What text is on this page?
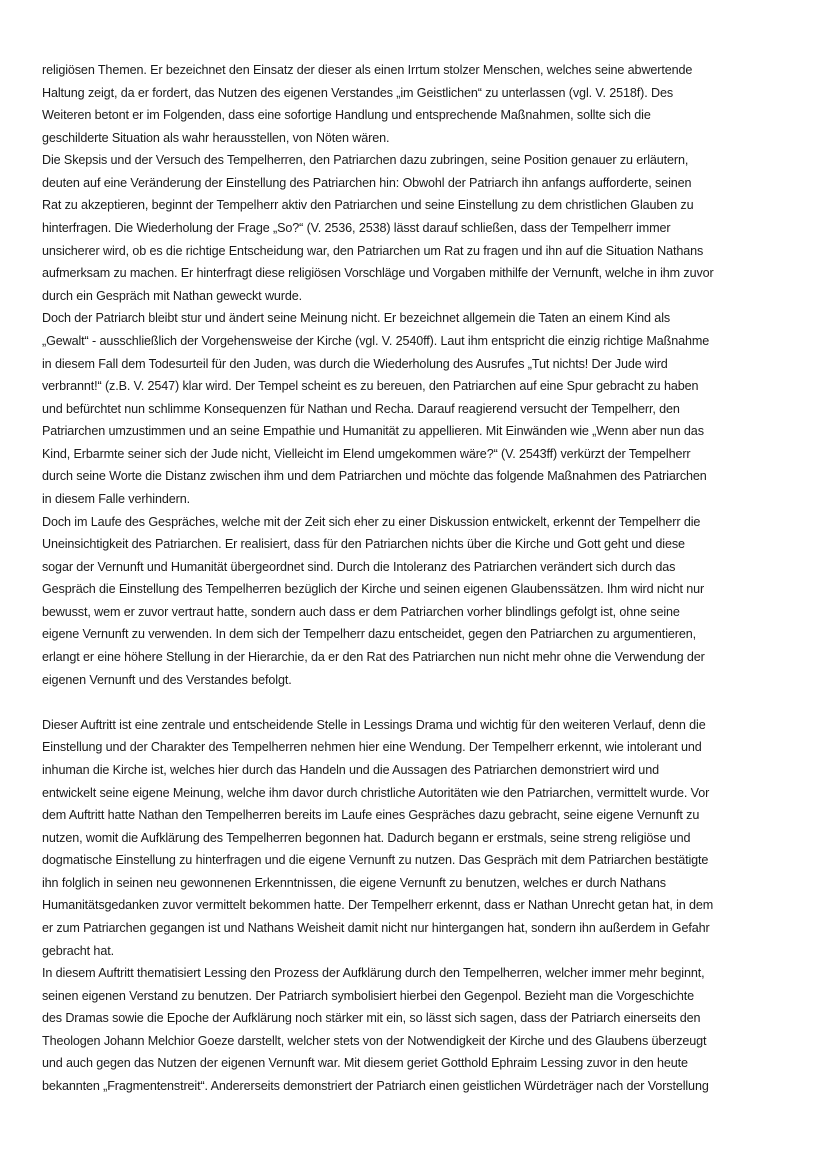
religiösen Themen. Er bezeichnet den Einsatz der dieser als einen Irrtum stolzer Menschen, welches seine abwertende
Haltung zeigt, da er fordert, das Nutzen des eigenen Verstandes „im Geistlichen“ zu unterlassen (vgl. V. 2518f). Des
Weiteren betont er im Folgenden, dass eine sofortige Handlung und entsprechende Maßnahmen, sollte sich die
geschilderte Situation als wahr herausstellen, von Nöten wären.
Die Skepsis und der Versuch des Tempelherren, den Patriarchen dazu zubringen, seine Position genauer zu erläutern,
deuten auf eine Veränderung der Einstellung des Patriarchen hin: Obwohl der Patriarch ihn anfangs aufforderte, seinen
Rat zu akzeptieren, beginnt der Tempelherr aktiv den Patriarchen und seine Einstellung zu dem christlichen Glauben zu
hinterfragen. Die Wiederholung der Frage „So?“ (V. 2536, 2538) lässt darauf schließen, dass der Tempelherr immer
unsicherer wird, ob es die richtige Entscheidung war, den Patriarchen um Rat zu fragen und ihn auf die Situation Nathans
aufmerksam zu machen. Er hinterfragt diese religiösen Vorschläge und Vorgaben mithilfe der Vernunft, welche in ihm zuvor
durch ein Gespräch mit Nathan geweckt wurde.
Doch der Patriarch bleibt stur und ändert seine Meinung nicht. Er bezeichnet allgemein die Taten an einem Kind als
„Gewalt“ - ausschließlich der Vorgehensweise der Kirche (vgl. V. 2540ff). Laut ihm entspricht die einzig richtige Maßnahme
in diesem Fall dem Todesurteil für den Juden, was durch die Wiederholung des Ausrufes „Tut nichts! Der Jude wird
verbrannt!“ (z.B. V. 2547) klar wird. Der Tempel scheint es zu bereuen, den Patriarchen auf eine Spur gebracht zu haben
und befürchtet nun schlimme Konsequenzen für Nathan und Recha. Darauf reagierend versucht der Tempelherr, den
Patriarchen umzustimmen und an seine Empathie und Humanität zu appellieren. Mit Einwänden wie „Wenn aber nun das
Kind, Erbarmte seiner sich der Jude nicht, Vielleicht im Elend umgekommen wäre?“ (V. 2543ff) verkürzt der Tempelherr
durch seine Worte die Distanz zwischen ihm und dem Patriarchen und möchte das folgende Maßnahmen des Patriarchen
in diesem Falle verhindern.
Doch im Laufe des Gespräches, welche mit der Zeit sich eher zu einer Diskussion entwickelt, erkennt der Tempelherr die
Uneinsichtigkeit des Patriarchen. Er realisiert, dass für den Patriarchen nichts über die Kirche und Gott geht und diese
sogar der Vernunft und Humanität übergeordnet sind. Durch die Intoleranz des Patriarchen verändert sich durch das
Gespräch die Einstellung des Tempelherren bezüglich der Kirche und seinen eigenen Glaubenssätzen. Ihm wird nicht nur
bewusst, wem er zuvor vertraut hatte, sondern auch dass er dem Patriarchen vorher blindlings gefolgt ist, ohne seine
eigene Vernunft zu verwenden. In dem sich der Tempelherr dazu entscheidet, gegen den Patriarchen zu argumentieren,
erlangt er eine höhere Stellung in der Hierarchie, da er den Rat des Patriarchen nun nicht mehr ohne die Verwendung der
eigenen Vernunft und des Verstandes befolgt.
Dieser Auftritt ist eine zentrale und entscheidende Stelle in Lessings Drama und wichtig für den weiteren Verlauf, denn die
Einstellung und der Charakter des Tempelherren nehmen hier eine Wendung. Der Tempelherr erkennt, wie intolerant und
inhuman die Kirche ist, welches hier durch das Handeln und die Aussagen des Patriarchen demonstriert wird und
entwickelt seine eigene Meinung, welche ihm davor durch christliche Autoritäten wie den Patriarchen, vermittelt wurde. Vor
dem Auftritt hatte Nathan den Tempelherren bereits im Laufe eines Gespräches dazu gebracht, seine eigene Vernunft zu
nutzen, womit die Aufklärung des Tempelherren begonnen hat. Dadurch begann er erstmals, seine streng religiöse und
dogmatische Einstellung zu hinterfragen und die eigene Vernunft zu nutzen. Das Gespräch mit dem Patriarchen bestätigte
ihn folglich in seinen neu gewonnenen Erkenntnissen, die eigene Vernunft zu benutzen, welches er durch Nathans
Humanitätsgedanken zuvor vermittelt bekommen hatte. Der Tempelherr erkennt, dass er Nathan Unrecht getan hat, in dem
er zum Patriarchen gegangen ist und Nathans Weisheit damit nicht nur hintergangen hat, sondern ihn außerdem in Gefahr
gebracht hat.
In diesem Auftritt thematisiert Lessing den Prozess der Aufklärung durch den Tempelherren, welcher immer mehr beginnt,
seinen eigenen Verstand zu benutzen. Der Patriarch symbolisiert hierbei den Gegenpol. Bezieht man die Vorgeschichte
des Dramas sowie die Epoche der Aufklärung noch stärker mit ein, so lässt sich sagen, dass der Patriarch einerseits den
Theologen Johann Melchior Goeze darstellt, welcher stets von der Notwendigkeit der Kirche und des Glaubens überzeugt
und auch gegen das Nutzen der eigenen Vernunft war. Mit diesem geriet Gotthold Ephraim Lessing zuvor in den heute
bekannten „Fragmentenstreit“. Andererseits demonstriert der Patriarch einen geistlichen Würdeträger nach der Vorstellung
